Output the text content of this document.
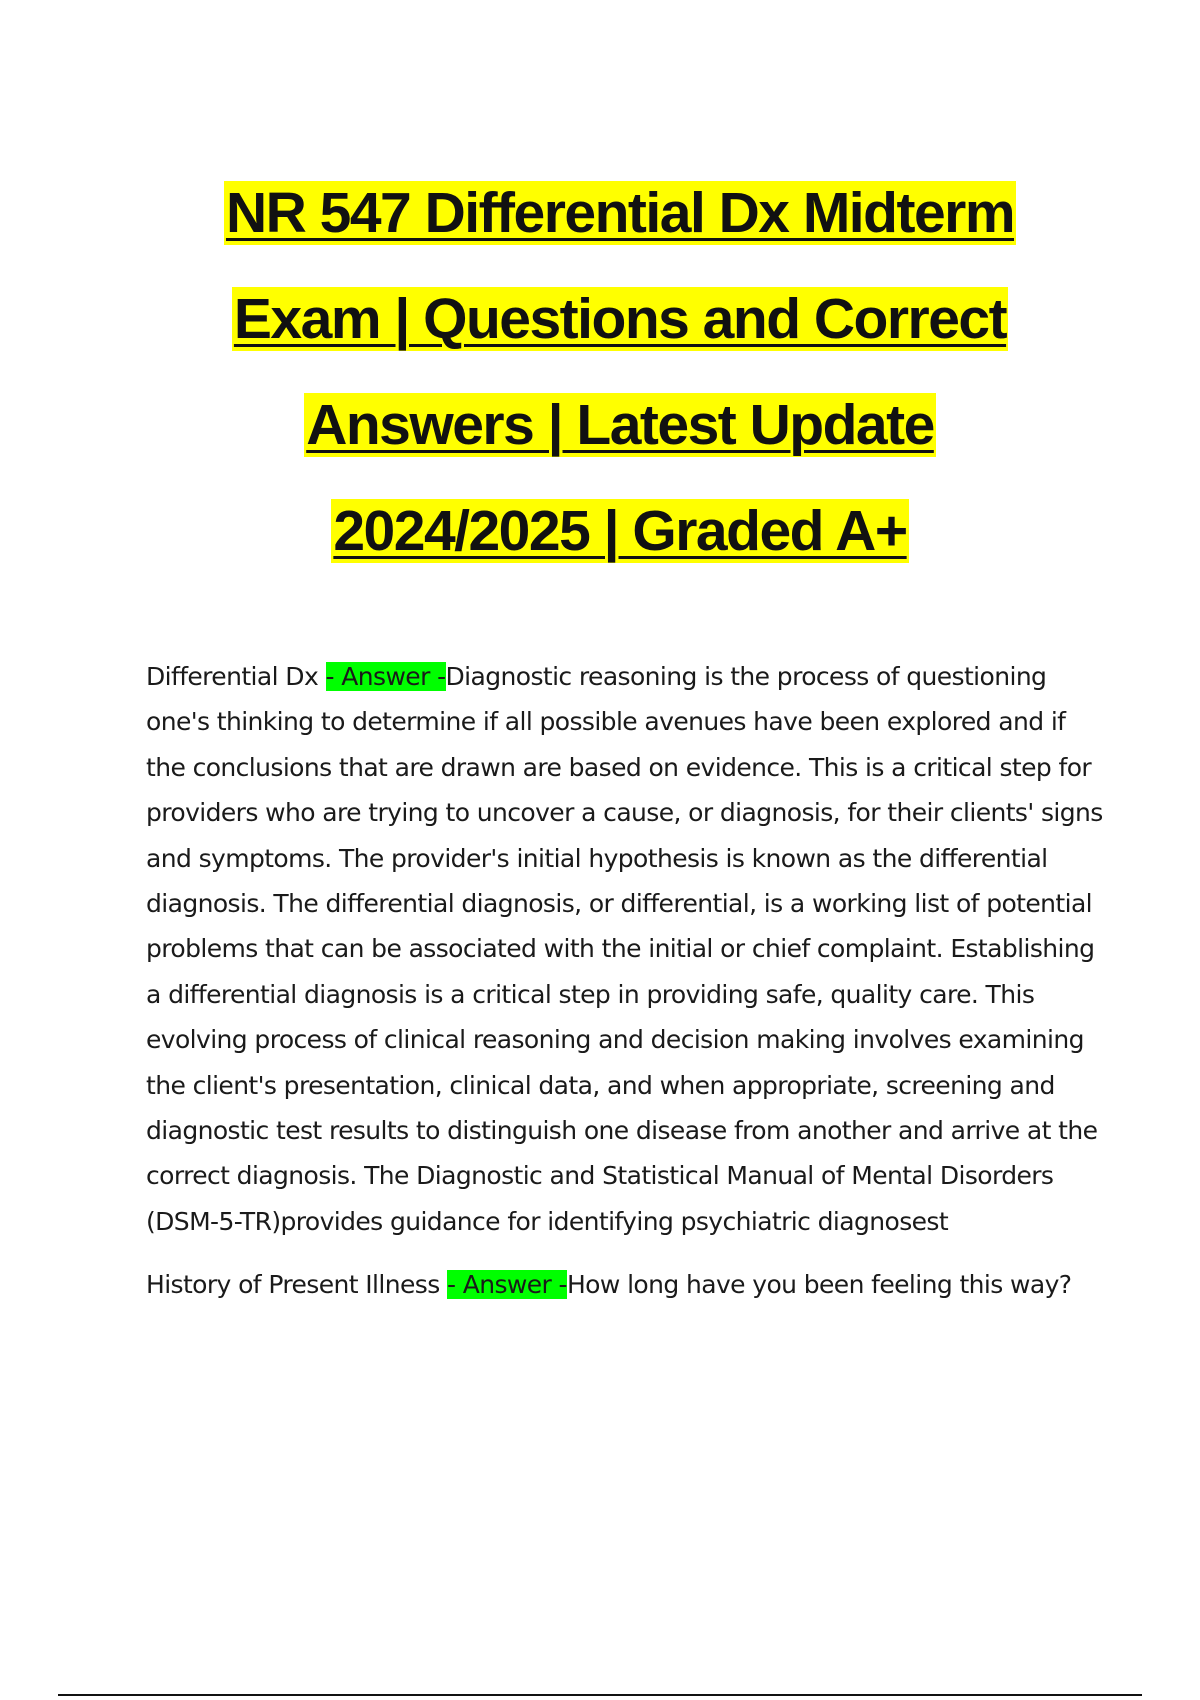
NR 547 Differential Dx Midterm
Exam | Questions and Correct
Answers | Latest Update
2024/2025 | Graded A+

Differential Dx - Answer -Diagnostic reasoning is the process of questioning one's thinking to determine if all possible avenues have been explored and if the conclusions that are drawn are based on evidence. This is a critical step for providers who are trying to uncover a cause, or diagnosis, for their clients' signs and symptoms. The provider's initial hypothesis is known as the differential diagnosis. The differential diagnosis, or differential, is a working list of potential problems that can be associated with the initial or chief complaint. Establishing a differential diagnosis is a critical step in providing safe, quality care. This evolving process of clinical reasoning and decision making involves examining the client's presentation, clinical data, and when appropriate, screening and diagnostic test results to distinguish one disease from another and arrive at the correct diagnosis. The Diagnostic and Statistical Manual of Mental Disorders (DSM-5-TR)provides guidance for identifying psychiatric diagnosest

History of Present Illness - Answer -How long have you been feeling this way?
